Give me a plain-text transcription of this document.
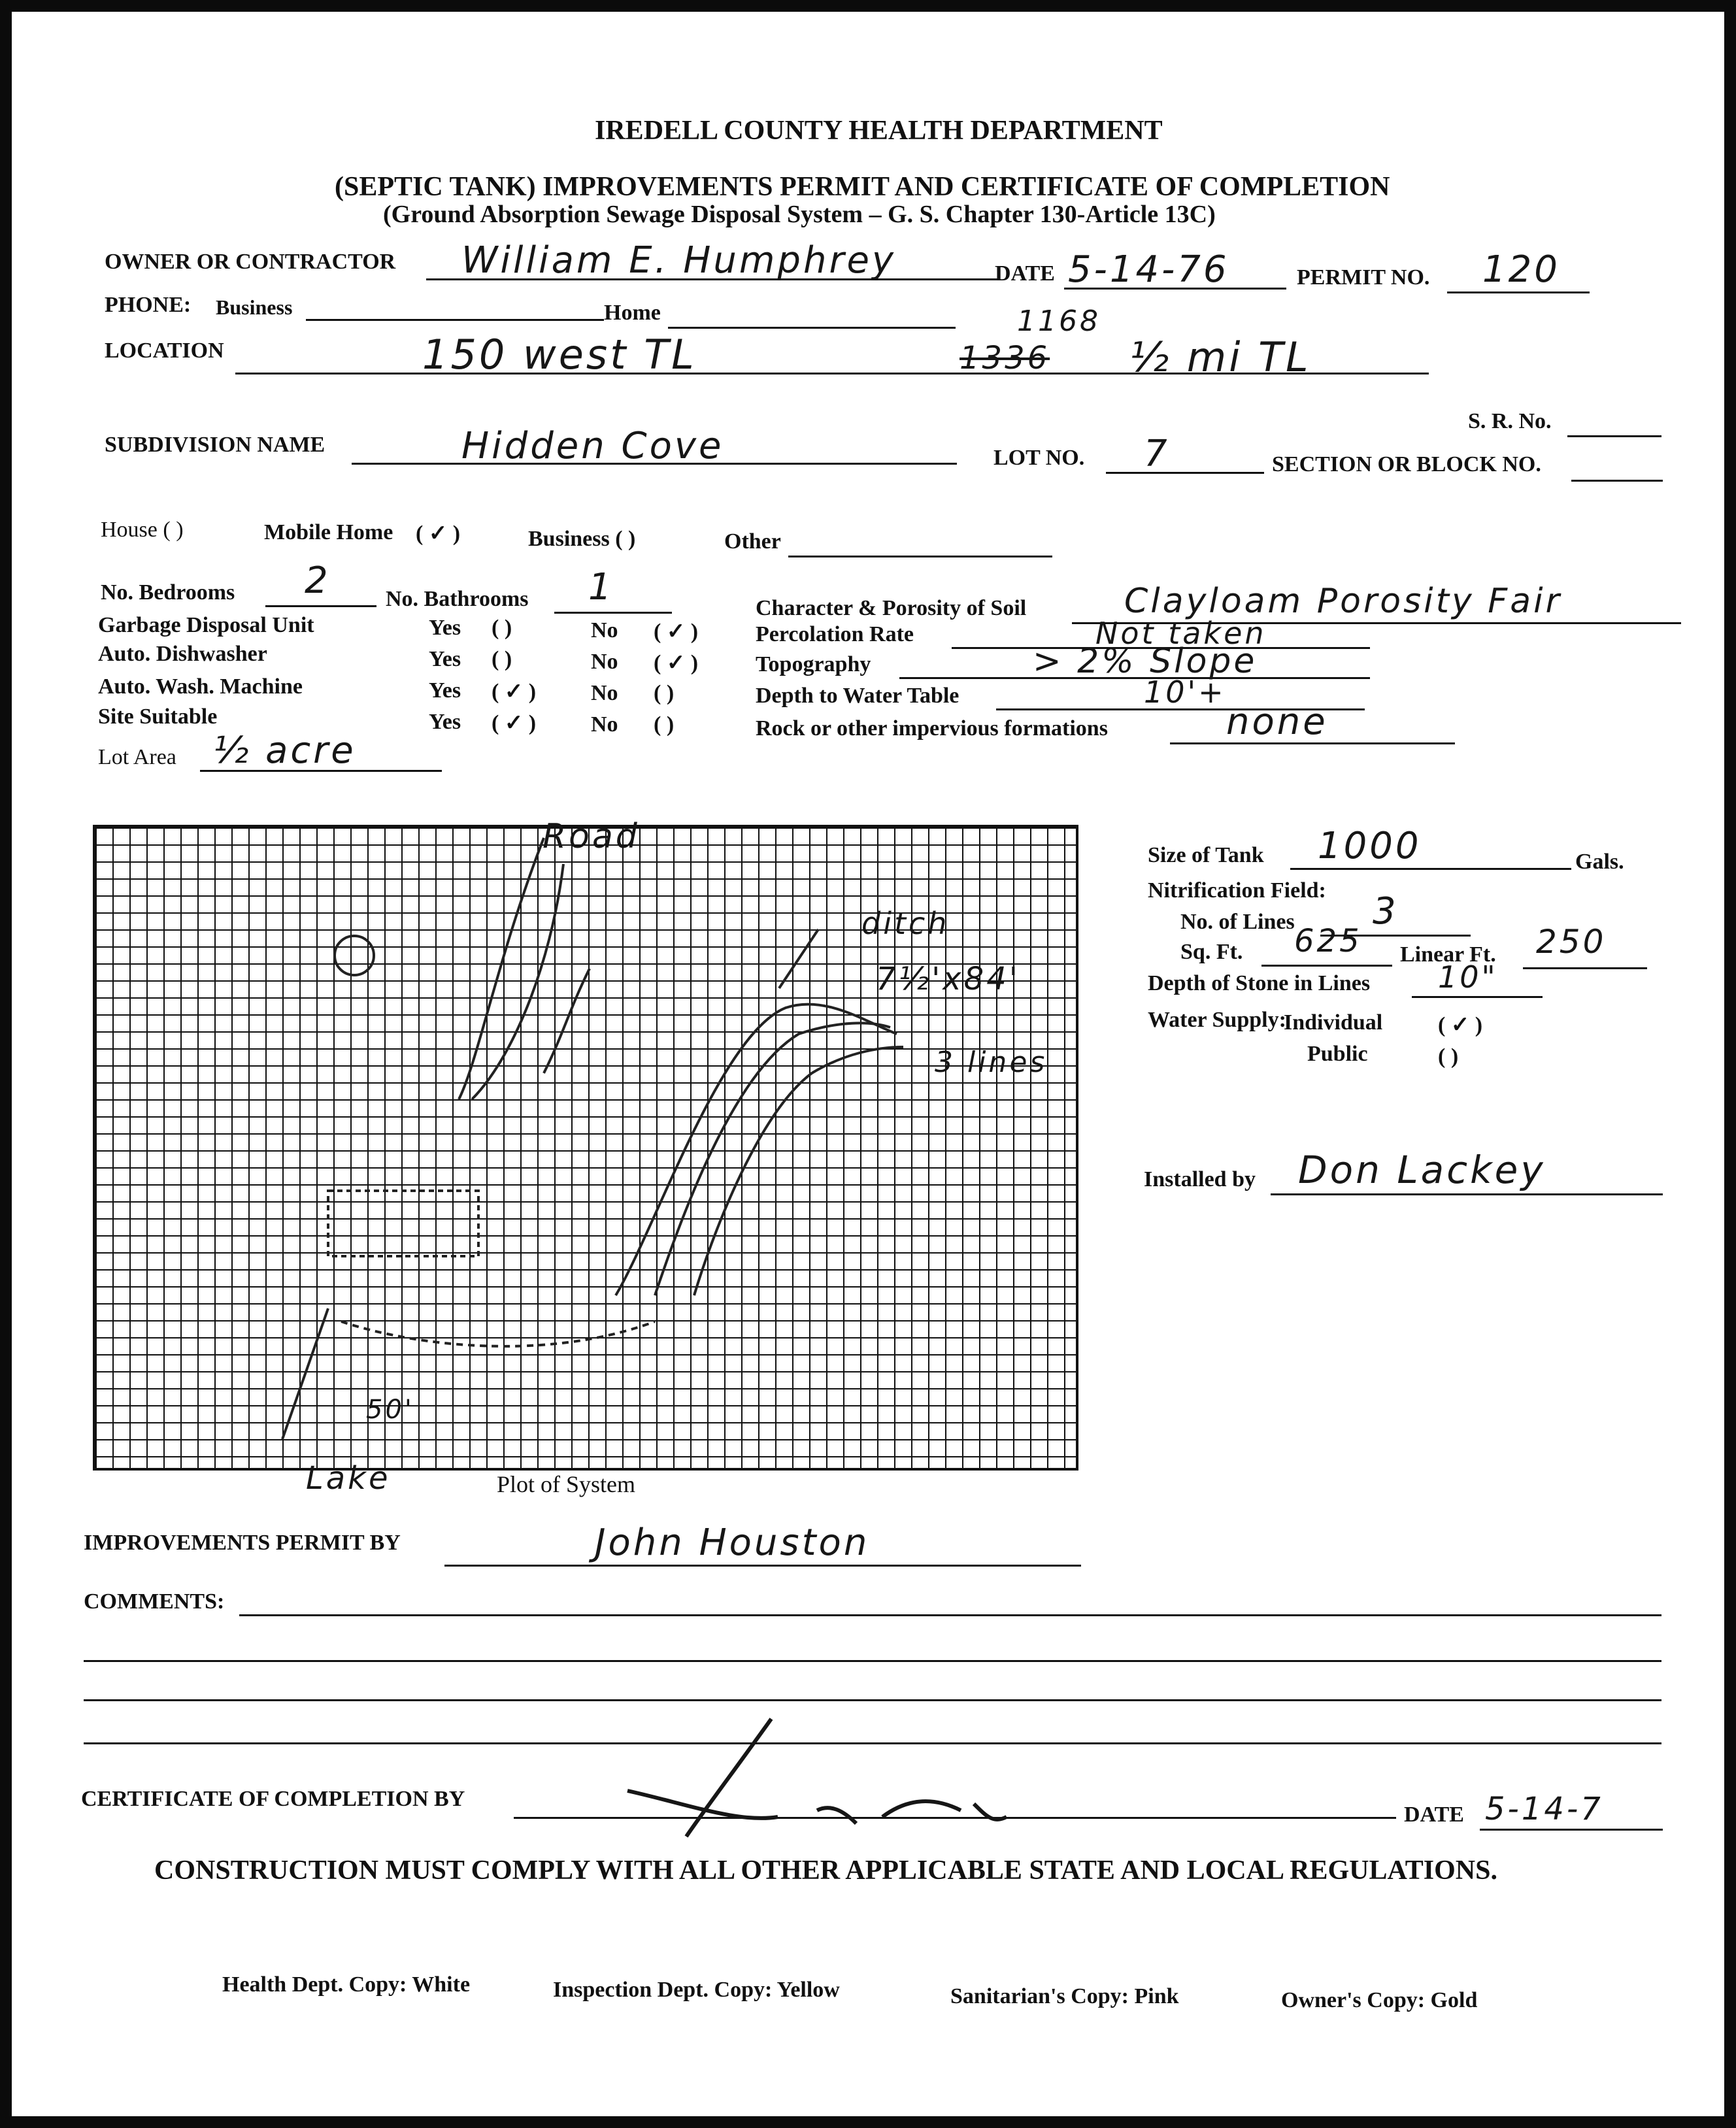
IREDELL COUNTY HEALTH DEPARTMENT
(SEPTIC TANK) IMPROVEMENTS PERMIT AND CERTIFICATE OF COMPLETION
(Ground Absorption Sewage Disposal System – G. S. Chapter 130-Article 13C)
OWNER OR CONTRACTOR William E. Humphrey	DATE 5-14-76	PERMIT NO. 120
PHONE: Business	Home
LOCATION	150 west TL	1336
1168
½ mi TL
S. R. No.
SUBDIVISION NAME	Hidden Cove	LOT NO. 7	SECTION OR BLOCK NO.
House ( )	Mobile Home ( ✓ )	Business ( )	Other
No. Bedrooms 2 No. Bathrooms 1
Garbage Disposal Unit	Yes ( )	No ( ✓ )
Auto. Dishwasher	Yes ( )	No ( ✓ )
Auto. Wash. Machine	Yes ( ✓ ) No ( )
Site Suitable	Yes ( ✓ ) No ( )
Lot Area ½ acre
Character & Porosity of Soil	Clayloam Porosity Fair
Percolation Rate	Not taken
Topography	> 2% Slope
Depth to Water Table	10'+
Rock or other impervious formations	none
Road
ditch
7½'x84'
3 lines
50'
Lake	Plot of System
Size of Tank 1000	Gals.
Nitrification Field:
No. of Lines 3
Sq. Ft. 625 Linear Ft. 250
Depth of Stone in Lines 10"
Water Supply:
Individual ( ✓ )
Public	( )
Installed by Don Lackey
IMPROVEMENTS PERMIT BY	John Houston
COMMENTS:
CERTIFICATE OF COMPLETION BY
DATE 5-14-7
CONSTRUCTION MUST COMPLY WITH ALL OTHER APPLICABLE STATE AND LOCAL REGULATIONS.
Health Dept. Copy: White	Inspection Dept. Copy: Yellow	Sanitarian's Copy: Pink	Owner's Copy: Gold
